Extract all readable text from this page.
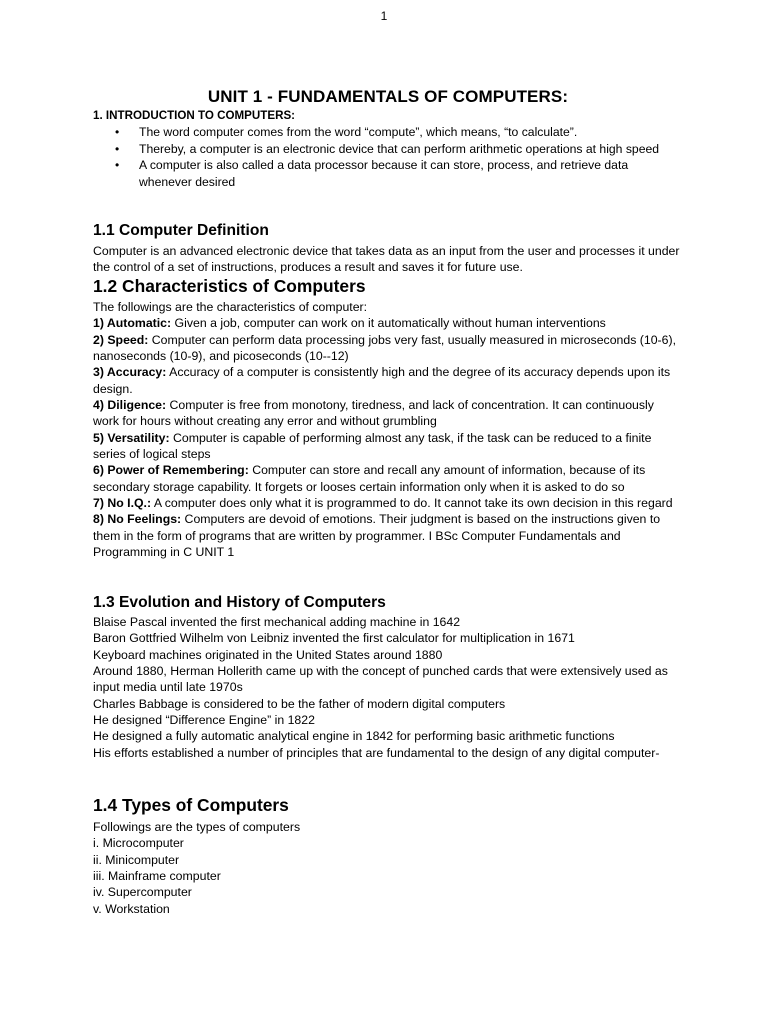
1
UNIT 1 - FUNDAMENTALS OF COMPUTERS:
1. INTRODUCTION TO COMPUTERS:
• The word computer comes from the word “compute”, which means, “to calculate”.
• Thereby, a computer is an electronic device that can perform arithmetic operations at high speed
• A computer is also called a data processor because it can store, process, and retrieve data whenever desired
1.1 Computer Definition

Computer is an advanced electronic device that takes data as an input from the user and processes it under the control of a set of instructions, produces a result and saves it for future use.

1.2 Characteristics of Computers

The followings are the characteristics of computer:

1) Automatic: Given a job, computer can work on it automatically without human interventions

2) Speed: Computer can perform data processing jobs very fast, usually measured in microseconds (10-6), nanoseconds (10-9), and picoseconds (10--12)

3) Accuracy: Accuracy of a computer is consistently high and the degree of its accuracy depends upon its design.

4) Diligence: Computer is free from monotony, tiredness, and lack of concentration. It can continuously work for hours without creating any error and without grumbling

5) Versatility: Computer is capable of performing almost any task, if the task can be reduced to a finite series of logical steps

6) Power of Remembering: Computer can store and recall any amount of information, because of its secondary storage capability. It forgets or looses certain information only when it is asked to do so

7) No I.Q.: A computer does only what it is programmed to do. It cannot take its own decision in this regard

8) No Feelings: Computers are devoid of emotions. Their judgment is based on the instructions given to them in the form of programs that are written by programmer. I BSc Computer Fundamentals and Programming in C UNIT 1

1.3 Evolution and History of Computers

Blaise Pascal invented the first mechanical adding machine in 1642

Baron Gottfried Wilhelm von Leibniz invented the first calculator for multiplication in 1671

Keyboard machines originated in the United States around 1880

Around 1880, Herman Hollerith came up with the concept of punched cards that were extensively used as input media until late 1970s

Charles Babbage is considered to be the father of modern digital computers

He designed “Difference Engine” in 1822

He designed a fully automatic analytical engine in 1842 for performing basic arithmetic functions

His efforts established a number of principles that are fundamental to the design of any digital computer-

1.4 Types of Computers

Followings are the types of computers

i. Microcomputer

ii. Minicomputer

iii. Mainframe computer

iv. Supercomputer

v. Workstation
